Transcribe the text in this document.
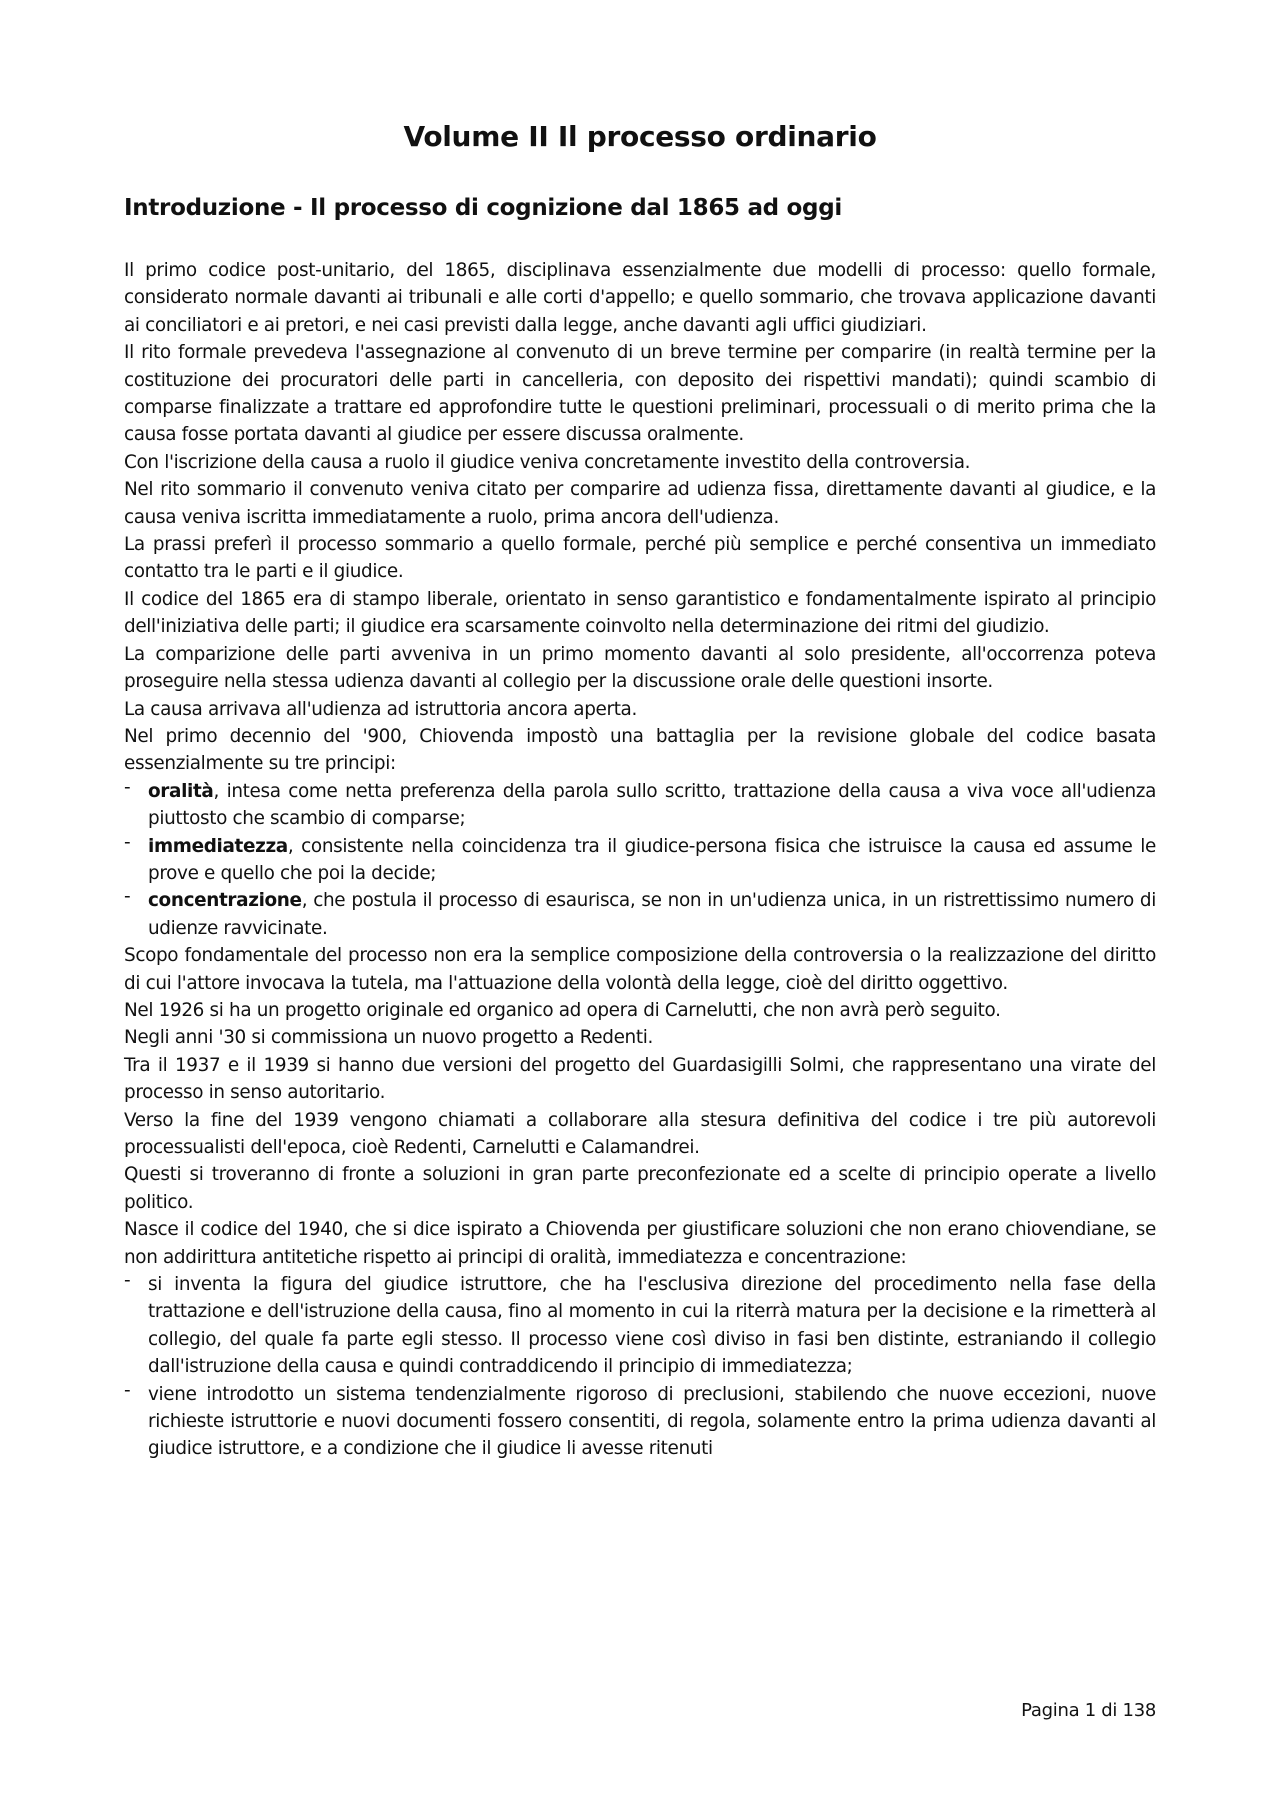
Volume II Il processo ordinario
Introduzione - Il processo di cognizione dal 1865 ad oggi

Il primo codice post-unitario, del 1865, disciplinava essenzialmente due modelli di processo: quello formale, considerato normale davanti ai tribunali e alle corti d'appello; e quello sommario, che trovava applicazione davanti ai conciliatori e ai pretori, e nei casi previsti dalla legge, anche davanti agli uffici giudiziari.

Il rito formale prevedeva l'assegnazione al convenuto di un breve termine per comparire (in realtà termine per la costituzione dei procuratori delle parti in cancelleria, con deposito dei rispettivi mandati); quindi scambio di comparse finalizzate a trattare ed approfondire tutte le questioni preliminari, processuali o di merito prima che la causa fosse portata davanti al giudice per essere discussa oralmente.

Con l'iscrizione della causa a ruolo il giudice veniva concretamente investito della controversia.

Nel rito sommario il convenuto veniva citato per comparire ad udienza fissa, direttamente davanti al giudice, e la causa veniva iscritta immediatamente a ruolo, prima ancora dell'udienza.

La prassi preferì il processo sommario a quello formale, perché più semplice e perché consentiva un immediato contatto tra le parti e il giudice.

Il codice del 1865 era di stampo liberale, orientato in senso garantistico e fondamentalmente ispirato al principio dell'iniziativa delle parti; il giudice era scarsamente coinvolto nella determinazione dei ritmi del giudizio.

La comparizione delle parti avveniva in un primo momento davanti al solo presidente, all'occorrenza poteva proseguire nella stessa udienza davanti al collegio per la discussione orale delle questioni insorte.

La causa arrivava all'udienza ad istruttoria ancora aperta.

Nel primo decennio del '900, Chiovenda impostò una battaglia per la revisione globale del codice basata essenzialmente su tre principi:

- oralità, intesa come netta preferenza della parola sullo scritto, trattazione della causa a viva voce all'udienza piuttosto che scambio di comparse;
- immediatezza, consistente nella coincidenza tra il giudice-persona fisica che istruisce la causa ed assume le prove e quello che poi la decide;
- concentrazione, che postula il processo di esaurisca, se non in un'udienza unica, in un ristrettissimo numero di udienze ravvicinate.

Scopo fondamentale del processo non era la semplice composizione della controversia o la realizzazione del diritto di cui l'attore invocava la tutela, ma l'attuazione della volontà della legge, cioè del diritto oggettivo.

Nel 1926 si ha un progetto originale ed organico ad opera di Carnelutti, che non avrà però seguito.

Negli anni '30 si commissiona un nuovo progetto a Redenti.

Tra il 1937 e il 1939 si hanno due versioni del progetto del Guardasigilli Solmi, che rappresentano una virate del processo in senso autoritario.

Verso la fine del 1939 vengono chiamati a collaborare alla stesura definitiva del codice i tre più autorevoli processualisti dell'epoca, cioè Redenti, Carnelutti e Calamandrei.

Questi si troveranno di fronte a soluzioni in gran parte preconfezionate ed a scelte di principio operate a livello politico.

Nasce il codice del 1940, che si dice ispirato a Chiovenda per giustificare soluzioni che non erano chiovendiane, se non addirittura antitetiche rispetto ai principi di oralità, immediatezza e concentrazione:

- si inventa la figura del giudice istruttore, che ha l'esclusiva direzione del procedimento nella fase della trattazione e dell'istruzione della causa, fino al momento in cui la riterrà matura per la decisione e la rimetterà al collegio, del quale fa parte egli stesso. Il processo viene così diviso in fasi ben distinte, estraniando il collegio dall'istruzione della causa e quindi contraddicendo il principio di immediatezza;
- viene introdotto un sistema tendenzialmente rigoroso di preclusioni, stabilendo che nuove eccezioni, nuove richieste istruttorie e nuovi documenti fossero consentiti, di regola, solamente entro la prima udienza davanti al giudice istruttore, e a condizione che il giudice li avesse ritenuti
Pagina 1 di 138
